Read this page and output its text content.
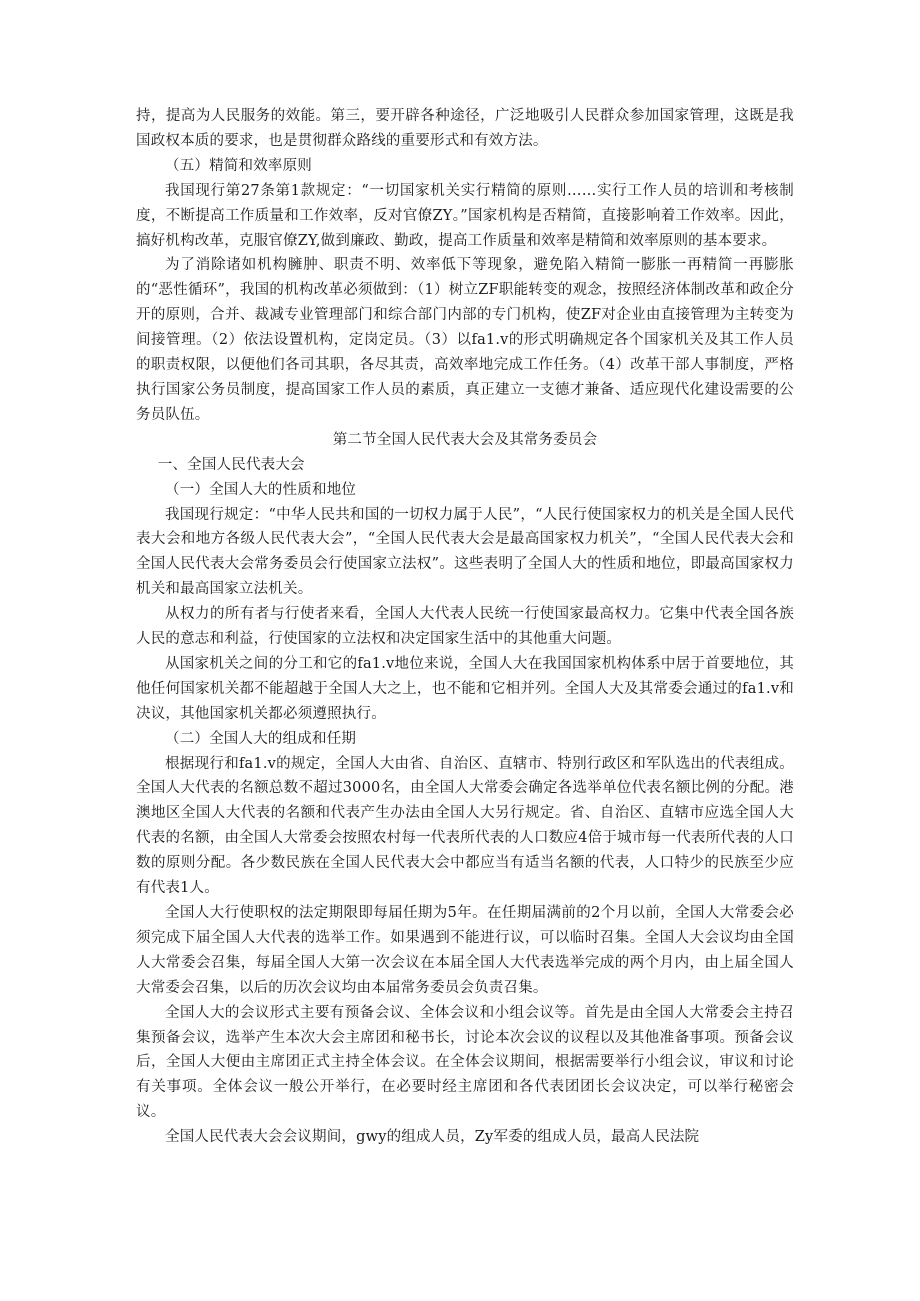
持，提高为人民服务的效能。第三，要开辟各种途径，广泛地吸引人民群众参加国家管理，这既是我国政权本质的要求，也是贯彻群众路线的重要形式和有效方法。

（五）精简和效率原则

我国现行第27条第1款规定：“一切国家机关实行精简的原则……实行工作人员的培训和考核制度，不断提高工作质量和工作效率，反对官僚ZY。”国家机构是否精简，直接影响着工作效率。因此，搞好机构改革，克服官僚ZY,做到廉政、勤政，提高工作质量和效率是精简和效率原则的基本要求。

为了消除诸如机构臃肿、职责不明、效率低下等现象，避免陷入精简一膨胀一再精简一再膨胀的“恶性循环”，我国的机构改革必须做到：（1）树立ZF职能转变的观念，按照经济体制改革和政企分开的原则，合并、裁减专业管理部门和综合部门内部的专门机构，使ZF对企业由直接管理为主转变为间接管理。（2）依法设置机构，定岗定员。（3）以fa1.v的形式明确规定各个国家机关及其工作人员的职责权限，以便他们各司其职，各尽其责，高效率地完成工作任务。（4）改革干部人事制度，严格执行国家公务员制度，提高国家工作人员的素质，真正建立一支德才兼备、适应现代化建设需要的公务员队伍。

第二节全国人民代表大会及其常务委员会

一、全国人民代表大会

（一）全国人大的性质和地位

我国现行规定：“中华人民共和国的一切权力属于人民”，“人民行使国家权力的机关是全国人民代表大会和地方各级人民代表大会”，“全国人民代表大会是最高国家权力机关”，“全国人民代表大会和全国人民代表大会常务委员会行使国家立法权”。这些表明了全国人大的性质和地位，即最高国家权力机关和最高国家立法机关。

从权力的所有者与行使者来看，全国人大代表人民统一行使国家最高权力。它集中代表全国各族人民的意志和利益，行使国家的立法权和决定国家生活中的其他重大问题。

从国家机关之间的分工和它的fa1.v地位来说，全国人大在我国国家机构体系中居于首要地位，其他任何国家机关都不能超越于全国人大之上，也不能和它相并列。全国人大及其常委会通过的fa1.v和决议，其他国家机关都必须遵照执行。

（二）全国人大的组成和任期

根据现行和fa1.v的规定，全国人大由省、自治区、直辖市、特别行政区和军队选出的代表组成。全国人大代表的名额总数不超过3000名，由全国人大常委会确定各选举单位代表名额比例的分配。港澳地区全国人大代表的名额和代表产生办法由全国人大另行规定。省、自治区、直辖市应选全国人大代表的名额，由全国人大常委会按照农村每一代表所代表的人口数应4倍于城市每一代表所代表的人口数的原则分配。各少数民族在全国人民代表大会中都应当有适当名额的代表，人口特少的民族至少应有代表1人。

全国人大行使职权的法定期限即每届任期为5年。在任期届满前的2个月以前，全国人大常委会必须完成下届全国人大代表的选举工作。如果遇到不能进行议，可以临时召集。全国人大会议均由全国人大常委会召集，每届全国人大第一次会议在本届全国人大代表选举完成的两个月内，由上届全国人大常委会召集，以后的历次会议均由本届常务委员会负责召集。

全国人大的会议形式主要有预备会议、全体会议和小组会议等。首先是由全国人大常委会主持召集预备会议，选举产生本次大会主席团和秘书长，讨论本次会议的议程以及其他准备事项。预备会议后，全国人大便由主席团正式主持全体会议。在全体会议期间，根据需要举行小组会议，审议和讨论有关事项。全体会议一般公开举行，在必要时经主席团和各代表团团长会议决定，可以举行秘密会议。

全国人民代表大会会议期间，gwy的组成人员，Zy军委的组成人员，最高人民法院
